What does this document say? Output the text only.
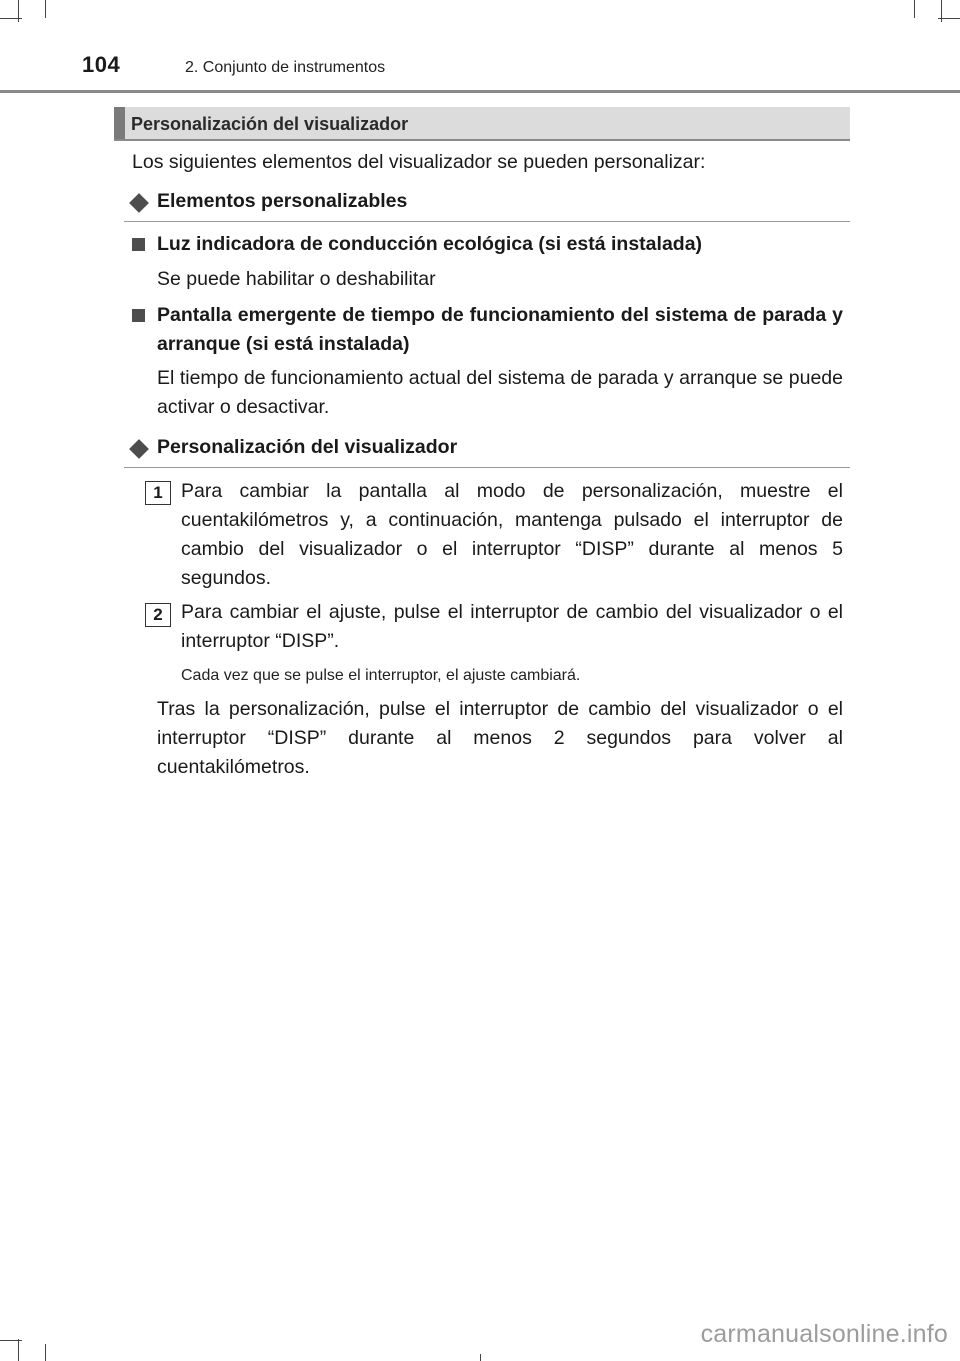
104	2. Conjunto de instrumentos
Personalización del visualizador
Los siguientes elementos del visualizador se pueden personalizar:
Elementos personalizables
Luz indicadora de conducción ecológica (si está instalada)
Se puede habilitar o deshabilitar
Pantalla emergente de tiempo de funcionamiento del sistema de parada y arranque (si está instalada)
El tiempo de funcionamiento actual del sistema de parada y arranque se puede activar o desactivar.
Personalización del visualizador
1 Para cambiar la pantalla al modo de personalización, muestre el cuentakilómetros y, a continuación, mantenga pulsado el interruptor de cambio del visualizador o el interruptor “DISP” durante al menos 5 segundos.
2 Para cambiar el ajuste, pulse el interruptor de cambio del visualizador o el interruptor “DISP”.
Cada vez que se pulse el interruptor, el ajuste cambiará.
Tras la personalización, pulse el interruptor de cambio del visualizador o el interruptor “DISP” durante al menos 2 segundos para volver al cuentakilómetros.
carmanualsonline.info
